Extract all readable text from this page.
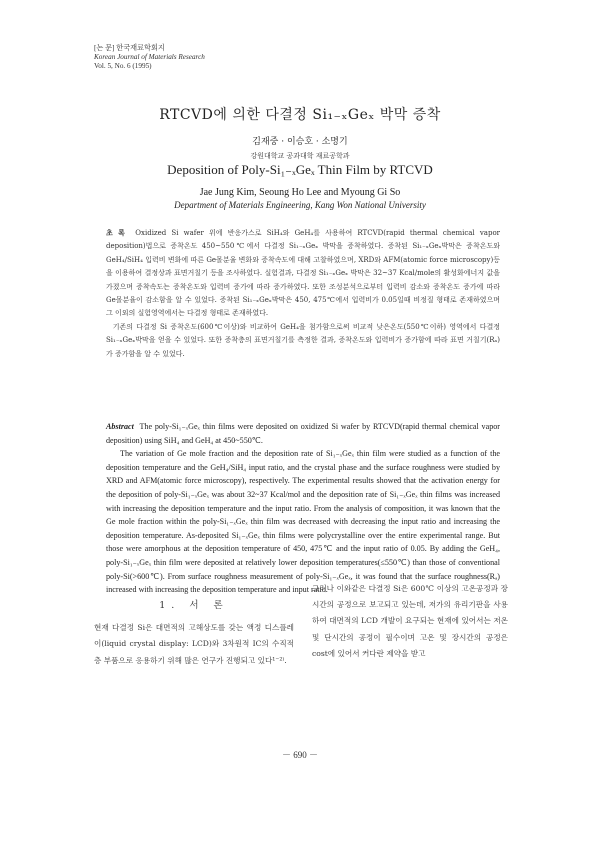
[논 문] 한국재료학회지
Korean Journal of Materials Research
Vol. 5, No. 6 (1995)
RTCVD에 의한 다결정 Si₁₋ₓGeₓ 박막 증착
김재중 · 이승호 · 소명기
강원대학교 공과대학 재료공학과
Deposition of Poly-Si₁₋ₓGeₓ Thin Film by RTCVD
Jae Jung Kim, Seoung Ho Lee and Myoung Gi So
Department of Materials Engineering, Kang Won National University

초 록 Oxidized Si wafer 위에 반응가스로 SiH₄와 GeH₄를 사용하여 RTCVD(rapid thermal chemical vapor deposition)법으로 증착온도 450~550℃에서 다결정 Si₁₋ₓGeₓ 박막을 증착하였다. 증착된 Si₁₋ₓGeₓ박막은 증착온도와 GeH₄/SiH₄ 입력비 변화에 따른 Ge몰분율 변화와 증착속도에 대해 고찰하였으며, XRD와 AFM(atomic force microscopy)등을 이용하여 결정상과 표면거칠기 등을 조사하였다. 실험결과, 다결정 Si₁₋ₓGeₓ 박막은 32~37 Kcal/mole의 활성화에너지 값을 가졌으며 증착속도는 증착온도와 입력비 증가에 따라 증가하였다. 또한 조성분석으로부터 입력비 감소와 증착온도 증가에 따라 Ge몰분율이 감소함을 알 수 있었다. 증착된 Si₁₋ₓGeₓ박막은 450, 475℃에서 입력비가 0.05일때 비정질 형태로 존재하였으며 그 이외의 실험영역에서는 다결정 형태로 존재하였다.

기존의 다결정 Si 증착온도(600℃이상)와 비교하여 GeH₄을 첨가함으로써 비교적 낮은온도(550℃이하) 영역에서 다결정 Si₁₋ₓGeₓ박막을 얻을 수 있었다. 또한 증착층의 표면거칠기를 측정한 결과, 증착온도와 입력비가 증가함에 따라 표면 거칠기(Rₐ)가 증가함을 알 수 있었다.

Abstract The poly-Si₁₋ₓGeₓ thin films were deposited on oxidized Si wafer by RTCVD(rapid thermal chemical vapor deposition) using SiH₄ and GeH₄ at 450~550℃.

The variation of Ge mole fraction and the deposition rate of Si₁₋ₓGeₓ thin film were studied as a function of the deposition temperature and the GeH₄/SiH₄ input ratio, and the crystal phase and the surface roughness were studied by XRD and AFM(atomic force microscopy), respectively. The experimental results showed that the activation energy for the deposition of poly-Si₁₋ₓGeₓ was about 32~37 Kcal/mol and the deposition rate of Si₁₋ₓGeₓ thin films was increased with increasing the deposition temperature and the input ratio. From the analysis of composition, it was known that the Ge mole fraction within the poly-Si₁₋ₓGeₓ thin film was decreased with decreasing the input ratio and increasing the deposition temperature. As-deposited Si₁₋ₓGeₓ thin films were polycrystalline over the entire experimental range. But those were amorphous at the deposition temperature of 450, 475℃ and the input ratio of 0.05. By adding the GeH₄, poly-Si₁₋ₓGeₓ thin film were deposited at relatively lower deposition temperatures(≤550℃) than those of conventional poly-Si(>600℃). From surface roughness measurement of poly-Si₁₋ₓGeₓ, it was found that the surface roughness(Rₐ) increased with increasing the deposition temperature and input ratio.

1. 서 론

현재 다결정 Si은 대면적의 고해상도를 갖는 액정 디스플레이(liquid crystal display: LCD)와 3차원적 IC의 수직적층 부품으로 응용하기 위해 많은 연구가 진행되고 있다¹⁻²⁾.

그러나 이와같은 다결정 Si은 600℃ 이상의 고온공정과 장시간의 공정으로 보고되고 있는데, 저가의 유리기판을 사용하여 대면적의 LCD 개발이 요구되는 현재에 있어서는 저온 및 단시간의 공정이 필수이며 고온 및 장시간의 공정은 cost에 있어서 커다란 제약을 받고

－ 690 －
